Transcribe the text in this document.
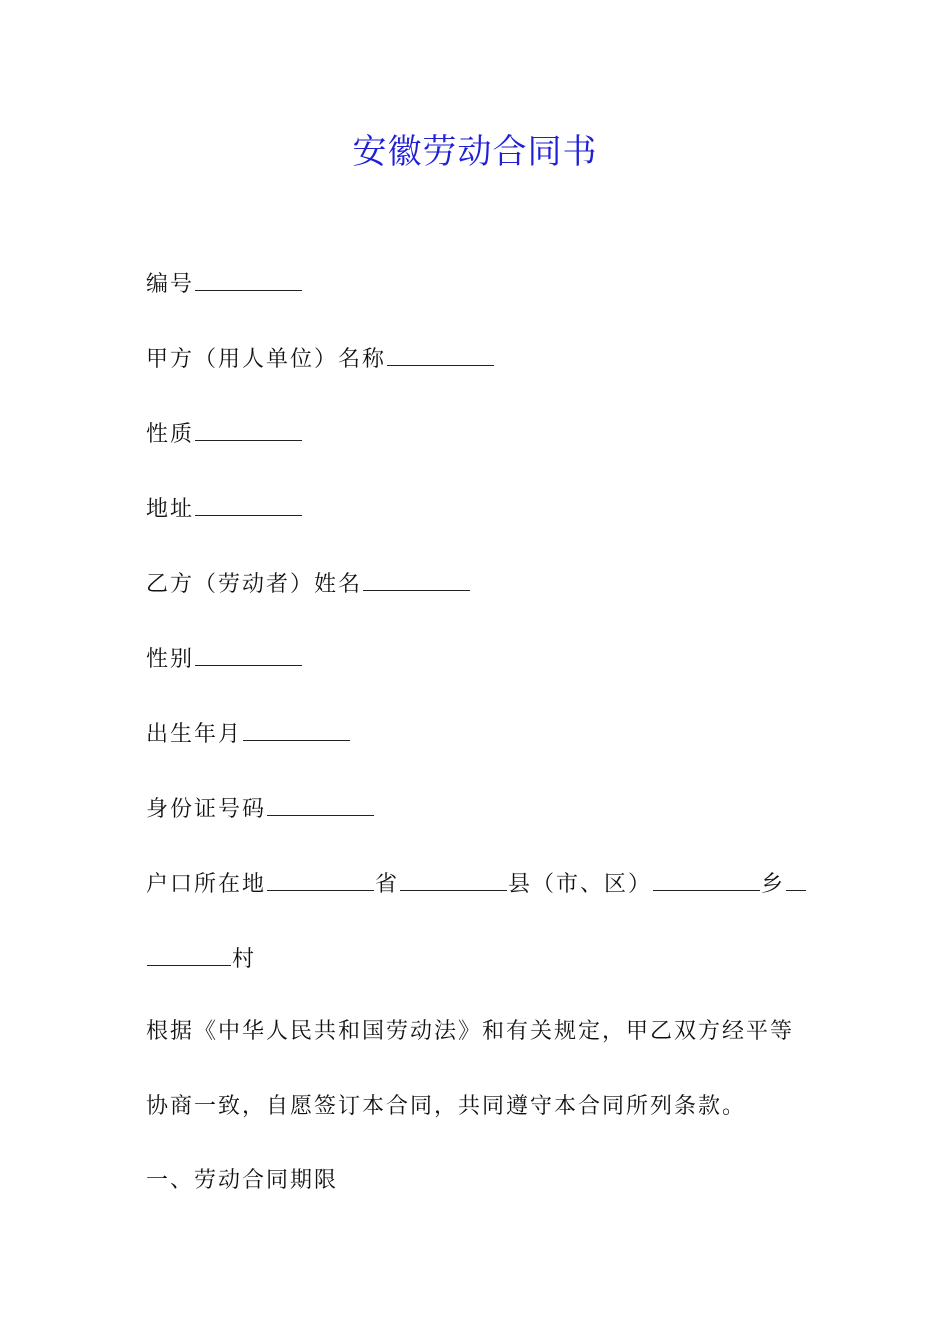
安徽劳动合同书
编号
甲方（用人单位）名称
性质
地址
乙方（劳动者）姓名
性别
出生年月
身份证号码
户口所在地	省	县（市、区）	乡
村
根据《中华人民共和国劳动法》和有关规定，甲乙双方经平等
协商一致，自愿签订本合同，共同遵守本合同所列条款。
一、劳动合同期限
